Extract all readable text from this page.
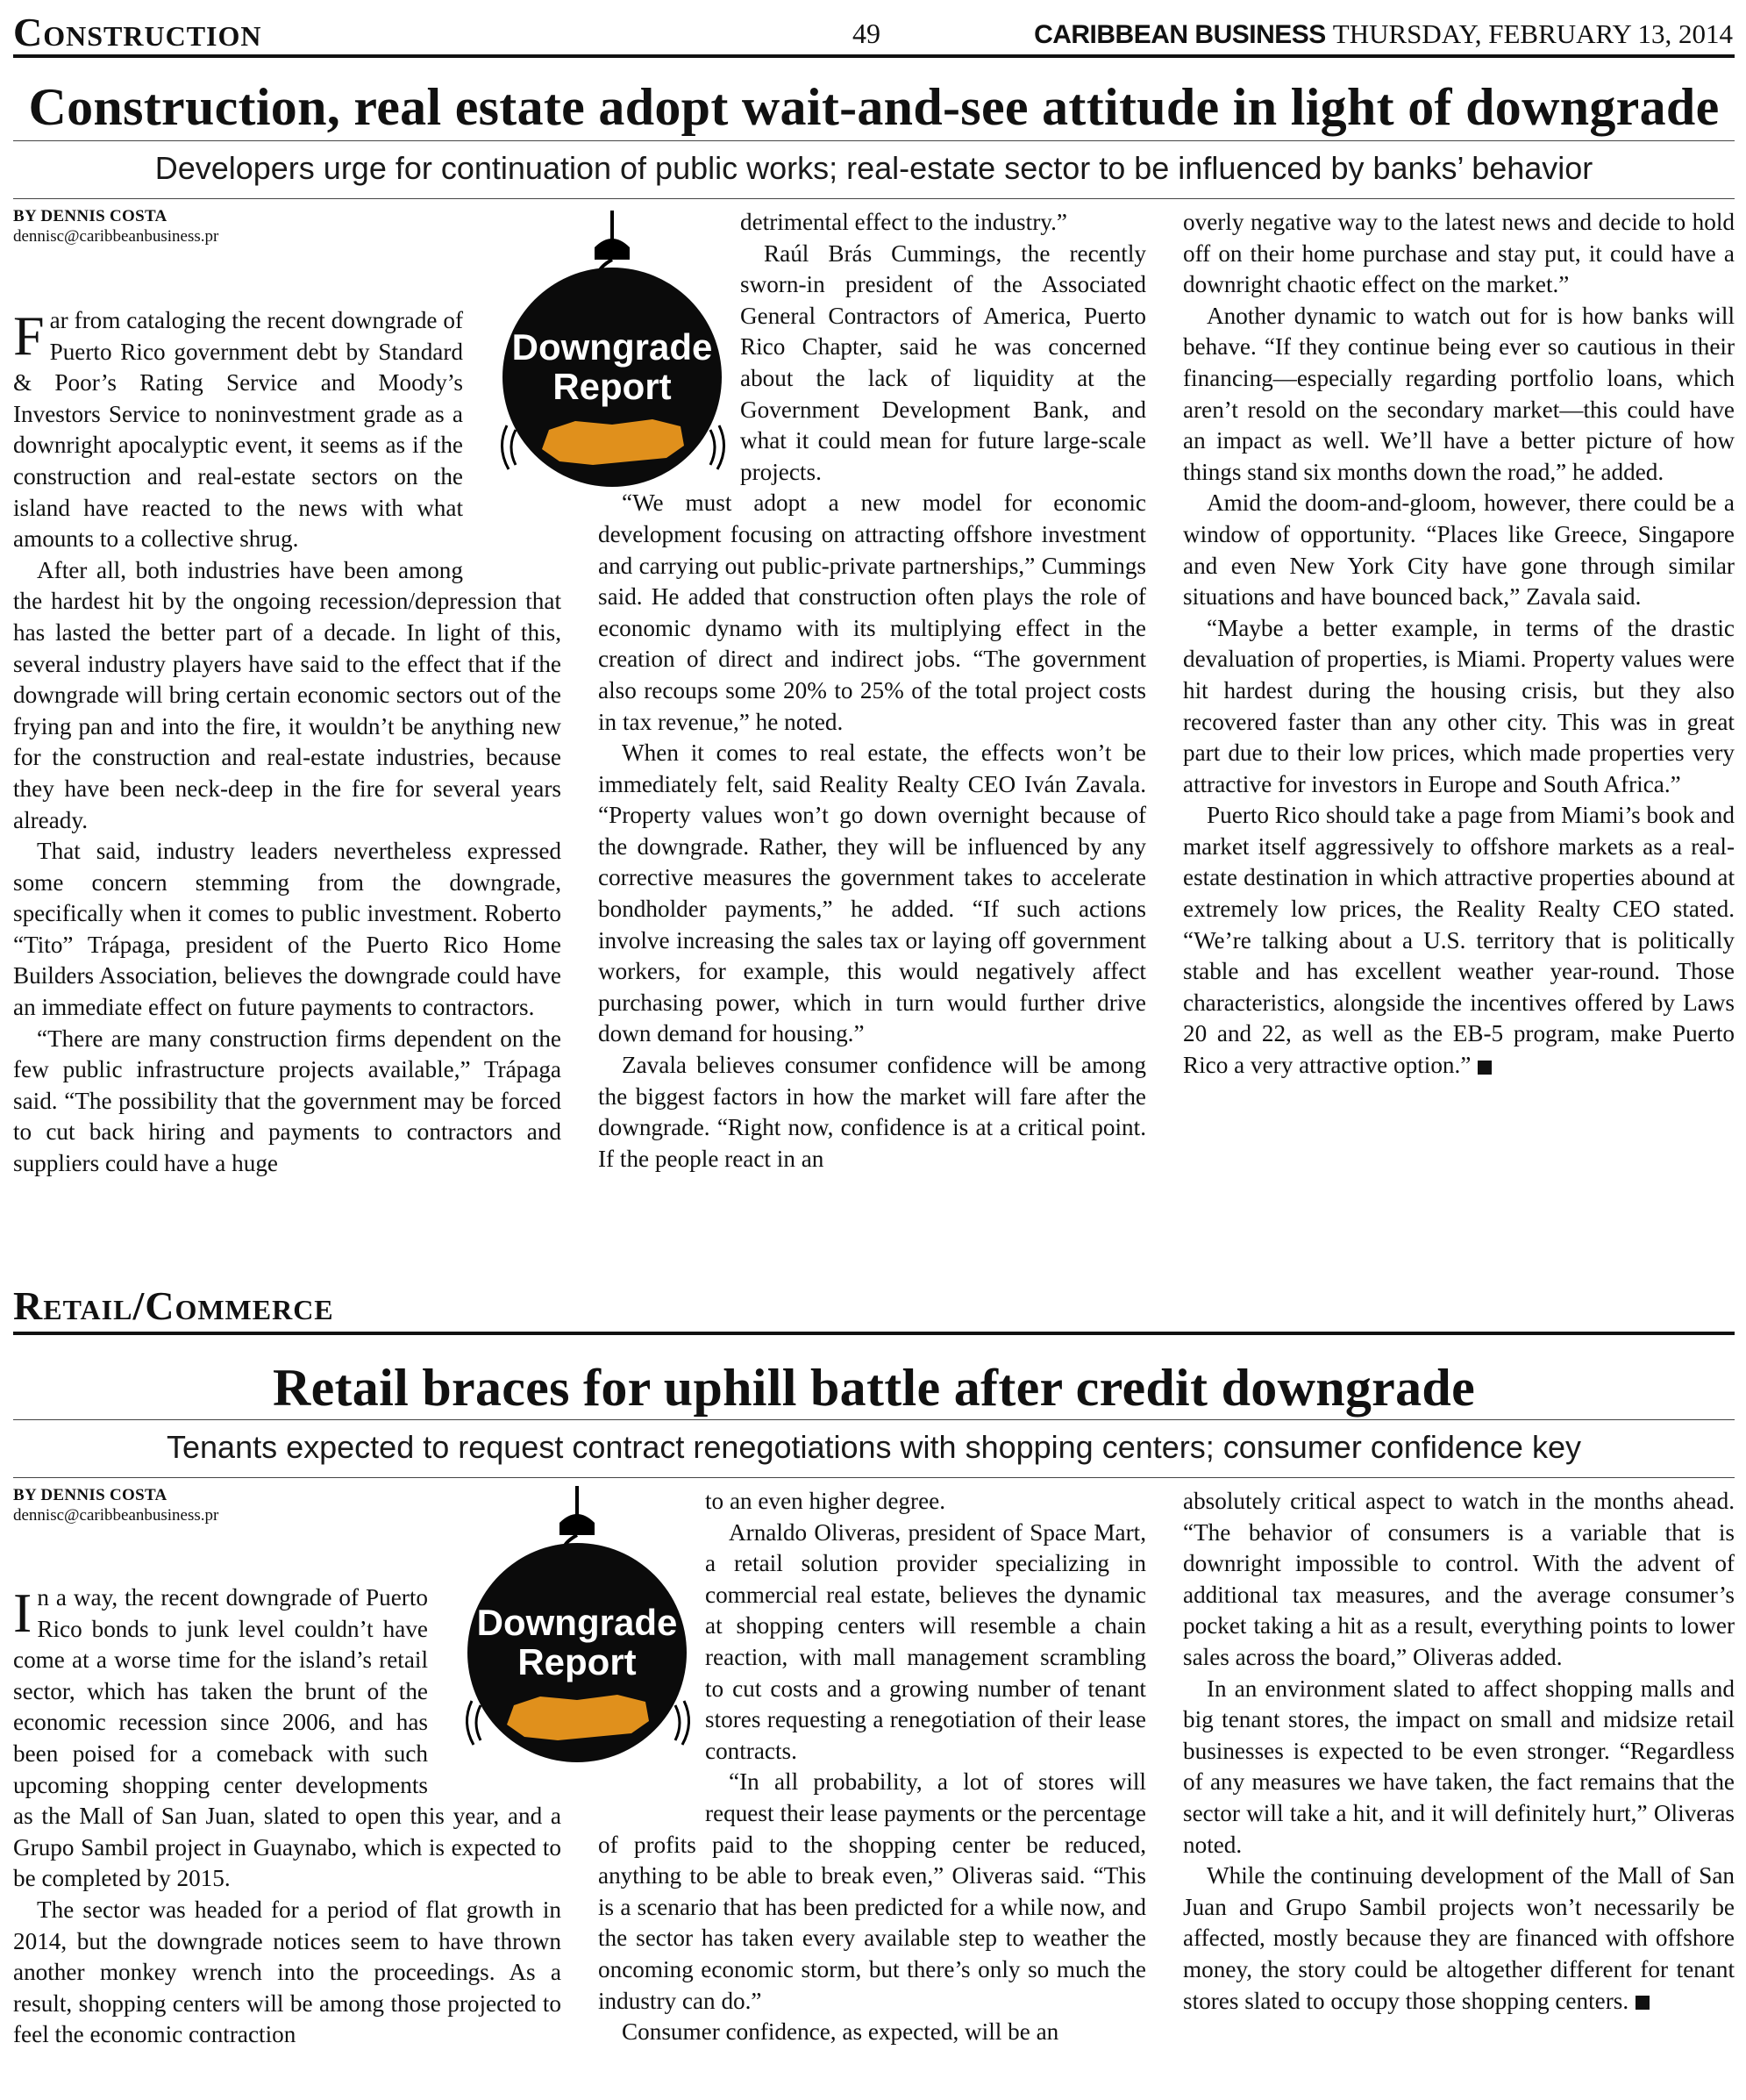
Construction	49	CARIBBEAN BUSINESS THURSDAY, FEBRUARY 13, 2014
Construction, real estate adopt wait-and-see attitude in light of downgrade
Developers urge for continuation of public works; real-estate sector to be influenced by banks’ behavior
Downgrade
Report
BY DENNIS COSTA
dennisc@caribbeanbusiness.pr

Far from cataloging the recent downgrade of Puerto Rico government debt by Standard & Poor’s Rating Service and Moody’s Investors Service to noninvestment grade as a downright apocalyptic event, it seems as if the construction and real-estate sectors on the island have reacted to the news with what amounts to a collective shrug.

After all, both industries have been among the hardest hit by the ongoing recession/depression that has lasted the better part of a decade. In light of this, several industry players have said to the effect that if the downgrade will bring certain economic sectors out of the frying pan and into the fire, it wouldn’t be anything new for the construction and real-estate industries, because they have been neck-deep in the fire for several years already.

That said, industry leaders nevertheless expressed some concern stemming from the downgrade, specifically when it comes to public investment. Roberto “Tito” Trápaga, president of the Puerto Rico Home Builders Association, believes the downgrade could have an immediate effect on future payments to contractors.

“There are many construction firms dependent on the few public infrastructure projects available,” Trápaga said. “The possibility that the government may be forced to cut back hiring and payments to contractors and suppliers could have a huge

detrimental effect to the industry.”

Raúl Brás Cummings, the recently sworn-in president of the Associated General Contractors of America, Puerto Rico Chapter, said he was concerned about the lack of liquidity at the Government Development Bank, and what it could mean for future large-scale projects.

“We must adopt a new model for economic development focusing on attracting offshore investment and carrying out public-private partnerships,” Cummings said. He added that construction often plays the role of economic dynamo with its multiplying effect in the creation of direct and indirect jobs. “The government also recoups some 20% to 25% of the total project costs in tax revenue,” he noted.

When it comes to real estate, the effects won’t be immediately felt, said Reality Realty CEO Iván Zavala. “Property values won’t go down overnight because of the downgrade. Rather, they will be influenced by any corrective measures the government takes to accelerate bondholder payments,” he added. “If such actions involve increasing the sales tax or laying off government workers, for example, this would negatively affect purchasing power, which in turn would further drive down demand for housing.”

Zavala believes consumer confidence will be among the biggest factors in how the market will fare after the downgrade. “Right now, confidence is at a critical point. If the people react in an

overly negative way to the latest news and decide to hold off on their home purchase and stay put, it could have a downright chaotic effect on the market.”

Another dynamic to watch out for is how banks will behave. “If they continue being ever so cautious in their financing—especially regarding portfolio loans, which aren’t resold on the secondary market—this could have an impact as well. We’ll have a better picture of how things stand six months down the road,” he added.

Amid the doom-and-gloom, however, there could be a window of opportunity. “Places like Greece, Singapore and even New York City have gone through similar situations and have bounced back,” Zavala said.

“Maybe a better example, in terms of the drastic devaluation of properties, is Miami. Property values were hit hardest during the housing crisis, but they also recovered faster than any other city. This was in great part due to their low prices, which made properties very attractive for investors in Europe and South Africa.”

Puerto Rico should take a page from Miami’s book and market itself aggressively to offshore markets as a real-estate destination in which attractive properties abound at extremely low prices, the Reality Realty CEO stated. “We’re talking about a U.S. territory that is politically stable and has excellent weather year-round. Those characteristics, alongside the incentives offered by Laws 20 and 22, as well as the EB-5 program, make Puerto Rico a very attractive option.”

Retail/Commerce
Retail braces for uphill battle after credit downgrade
Tenants expected to request contract renegotiations with shopping centers; consumer confidence key
Downgrade
Report
BY DENNIS COSTA
dennisc@caribbeanbusiness.pr

In a way, the recent downgrade of Puerto Rico bonds to junk level couldn’t have come at a worse time for the island’s retail sector, which has taken the brunt of the economic recession since 2006, and has been poised for a comeback with such upcoming shopping center developments as the Mall of San Juan, slated to open this year, and a Grupo Sambil project in Guaynabo, which is expected to be completed by 2015.

The sector was headed for a period of flat growth in 2014, but the downgrade notices seem to have thrown another monkey wrench into the proceedings. As a result, shopping centers will be among those projected to feel the economic contraction

to an even higher degree.

Arnaldo Oliveras, president of Space Mart, a retail solution provider specializing in commercial real estate, believes the dynamic at shopping centers will resemble a chain reaction, with mall management scrambling to cut costs and a growing number of tenant stores requesting a renegotiation of their lease contracts.

“In all probability, a lot of stores will request their lease payments or the percentage of profits paid to the shopping center be reduced, anything to be able to break even,” Oliveras said. “This is a scenario that has been predicted for a while now, and the sector has taken every available step to weather the oncoming economic storm, but there’s only so much the industry can do.”

Consumer confidence, as expected, will be an

absolutely critical aspect to watch in the months ahead. “The behavior of consumers is a variable that is downright impossible to control. With the advent of additional tax measures, and the average consumer’s pocket taking a hit as a result, everything points to lower sales across the board,” Oliveras added.

In an environment slated to affect shopping malls and big tenant stores, the impact on small and midsize retail businesses is expected to be even stronger. “Regardless of any measures we have taken, the fact remains that the sector will take a hit, and it will definitely hurt,” Oliveras noted.

While the continuing development of the Mall of San Juan and Grupo Sambil projects won’t necessarily be affected, mostly because they are financed with offshore money, the story could be altogether different for tenant stores slated to occupy those shopping centers.
